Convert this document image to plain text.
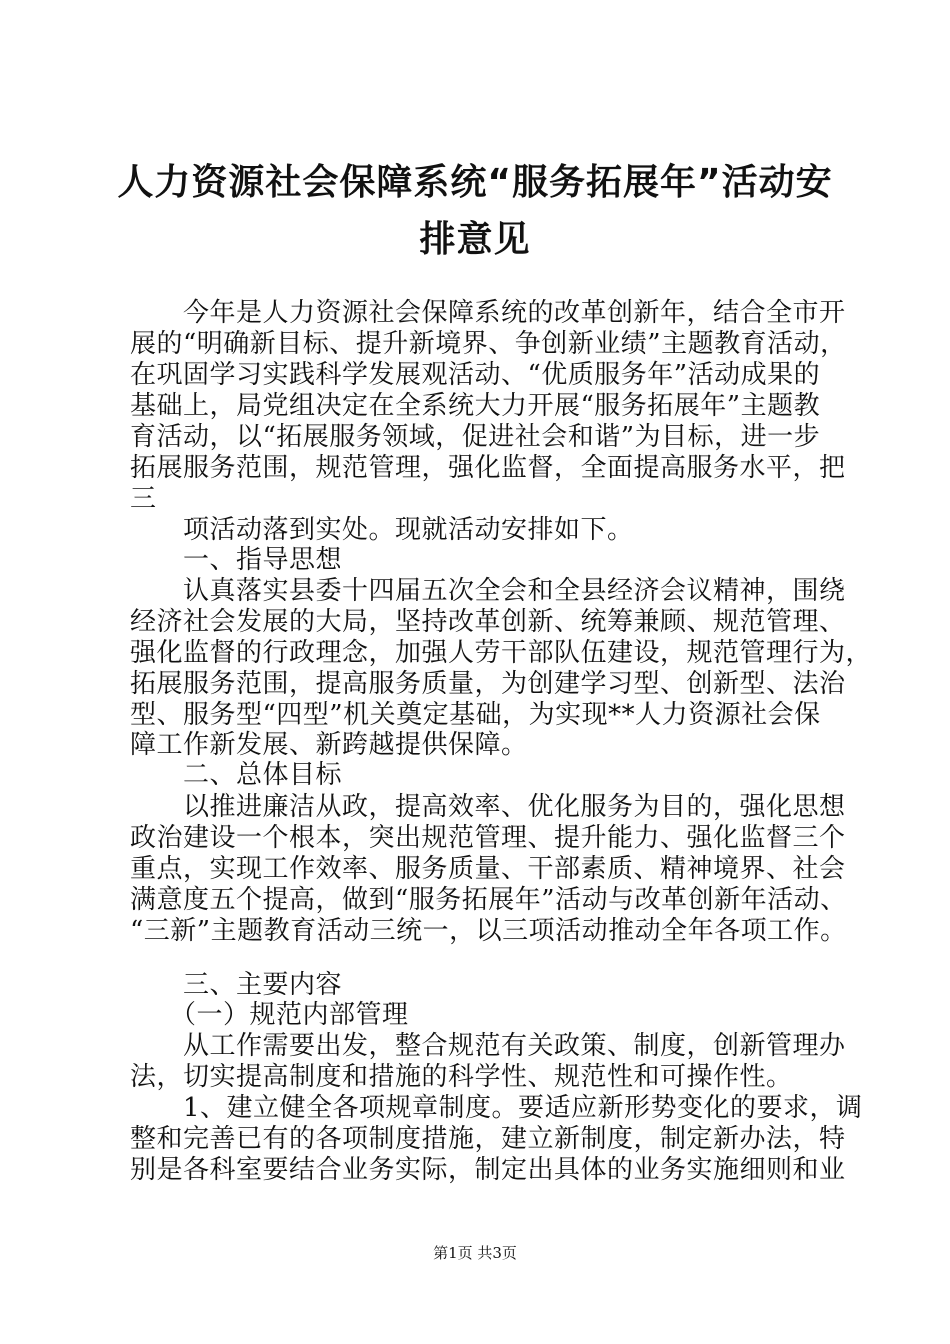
人力资源社会保障系统“服务拓展年”活动安
排意见
　　今年是人力资源社会保障系统的改革创新年，结合全市开
展的“明确新目标、提升新境界、争创新业绩”主题教育活动，
在巩固学习实践科学发展观活动、“优质服务年”活动成果的
基础上，局党组决定在全系统大力开展“服务拓展年”主题教
育活动，以“拓展服务领域，促进社会和谐”为目标，进一步
拓展服务范围，规范管理，强化监督，全面提高服务水平，把
三
　　项活动落到实处。现就活动安排如下。
　　一、指导思想
　　认真落实县委十四届五次全会和全县经济会议精神，围绕
经济社会发展的大局，坚持改革创新、统筹兼顾、规范管理、
强化监督的行政理念，加强人劳干部队伍建设，规范管理行为，
拓展服务范围，提高服务质量，为创建学习型、创新型、法治
型、服务型“四型”机关奠定基础，为实现**人力资源社会保
障工作新发展、新跨越提供保障。
　　二、总体目标
　　以推进廉洁从政，提高效率、优化服务为目的，强化思想
政治建设一个根本，突出规范管理、提升能力、强化监督三个
重点，实现工作效率、服务质量、干部素质、精神境界、社会
满意度五个提高，做到“服务拓展年”活动与改革创新年活动、
“三新”主题教育活动三统一，以三项活动推动全年各项工作。
　　三、主要内容
　　（一）规范内部管理
　　从工作需要出发，整合规范有关政策、制度，创新管理办
法，切实提高制度和措施的科学性、规范性和可操作性。
　　1、建立健全各项规章制度。要适应新形势变化的要求，调
整和完善已有的各项制度措施，建立新制度，制定新办法，特
别是各科室要结合业务实际，制定出具体的业务实施细则和业
第1页 共3页
